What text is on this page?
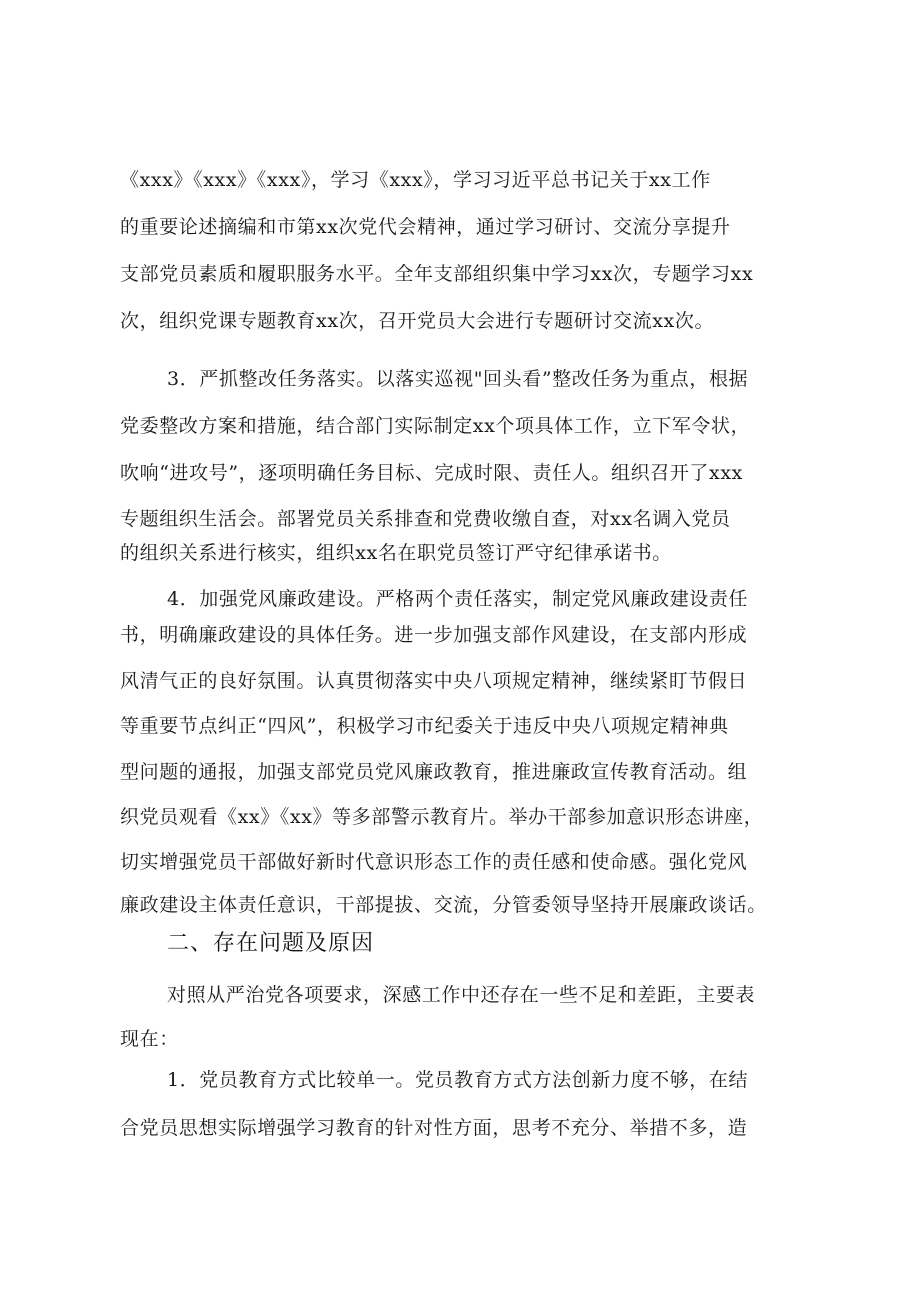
《xxx》《xxx》《xxx》，学习《xxx》，学习习近平总书记关于xx工作
的重要论述摘编和市第xx次党代会精神，通过学习研讨、交流分享提升
支部党员素质和履职服务水平。全年支部组织集中学习xx次，专题学习xx
次，组织党课专题教育xx次，召开党员大会进行专题研讨交流xx次。
3．严抓整改任务落实。以落实巡视"回头看”整改任务为重点，根据
党委整改方案和措施，结合部门实际制定xx个项具体工作，立下军令状，
吹响“进攻号”，逐项明确任务目标、完成时限、责任人。组织召开了xxx
专题组织生活会。部署党员关系排查和党费收缴自查，对xx名调入党员
的组织关系进行核实，组织xx名在职党员签订严守纪律承诺书。
4．加强党风廉政建设。严格两个责任落实，制定党风廉政建设责任
书，明确廉政建设的具体任务。进一步加强支部作风建设，在支部内形成
风清气正的良好氛围。认真贯彻落实中央八项规定精神，继续紧盯节假日
等重要节点纠正“四风”，积极学习市纪委关于违反中央八项规定精神典
型问题的通报，加强支部党员党风廉政教育，推进廉政宣传教育活动。组
织党员观看《xx》《xx》等多部警示教育片。举办干部参加意识形态讲座，
切实增强党员干部做好新时代意识形态工作的责任感和使命感。强化党风
廉政建设主体责任意识，干部提拔、交流，分管委领导坚持开展廉政谈话。
二、存在问题及原因
对照从严治党各项要求，深感工作中还存在一些不足和差距，主要表
现在：
1．党员教育方式比较单一。党员教育方式方法创新力度不够，在结
合党员思想实际增强学习教育的针对性方面，思考不充分、举措不多，造
